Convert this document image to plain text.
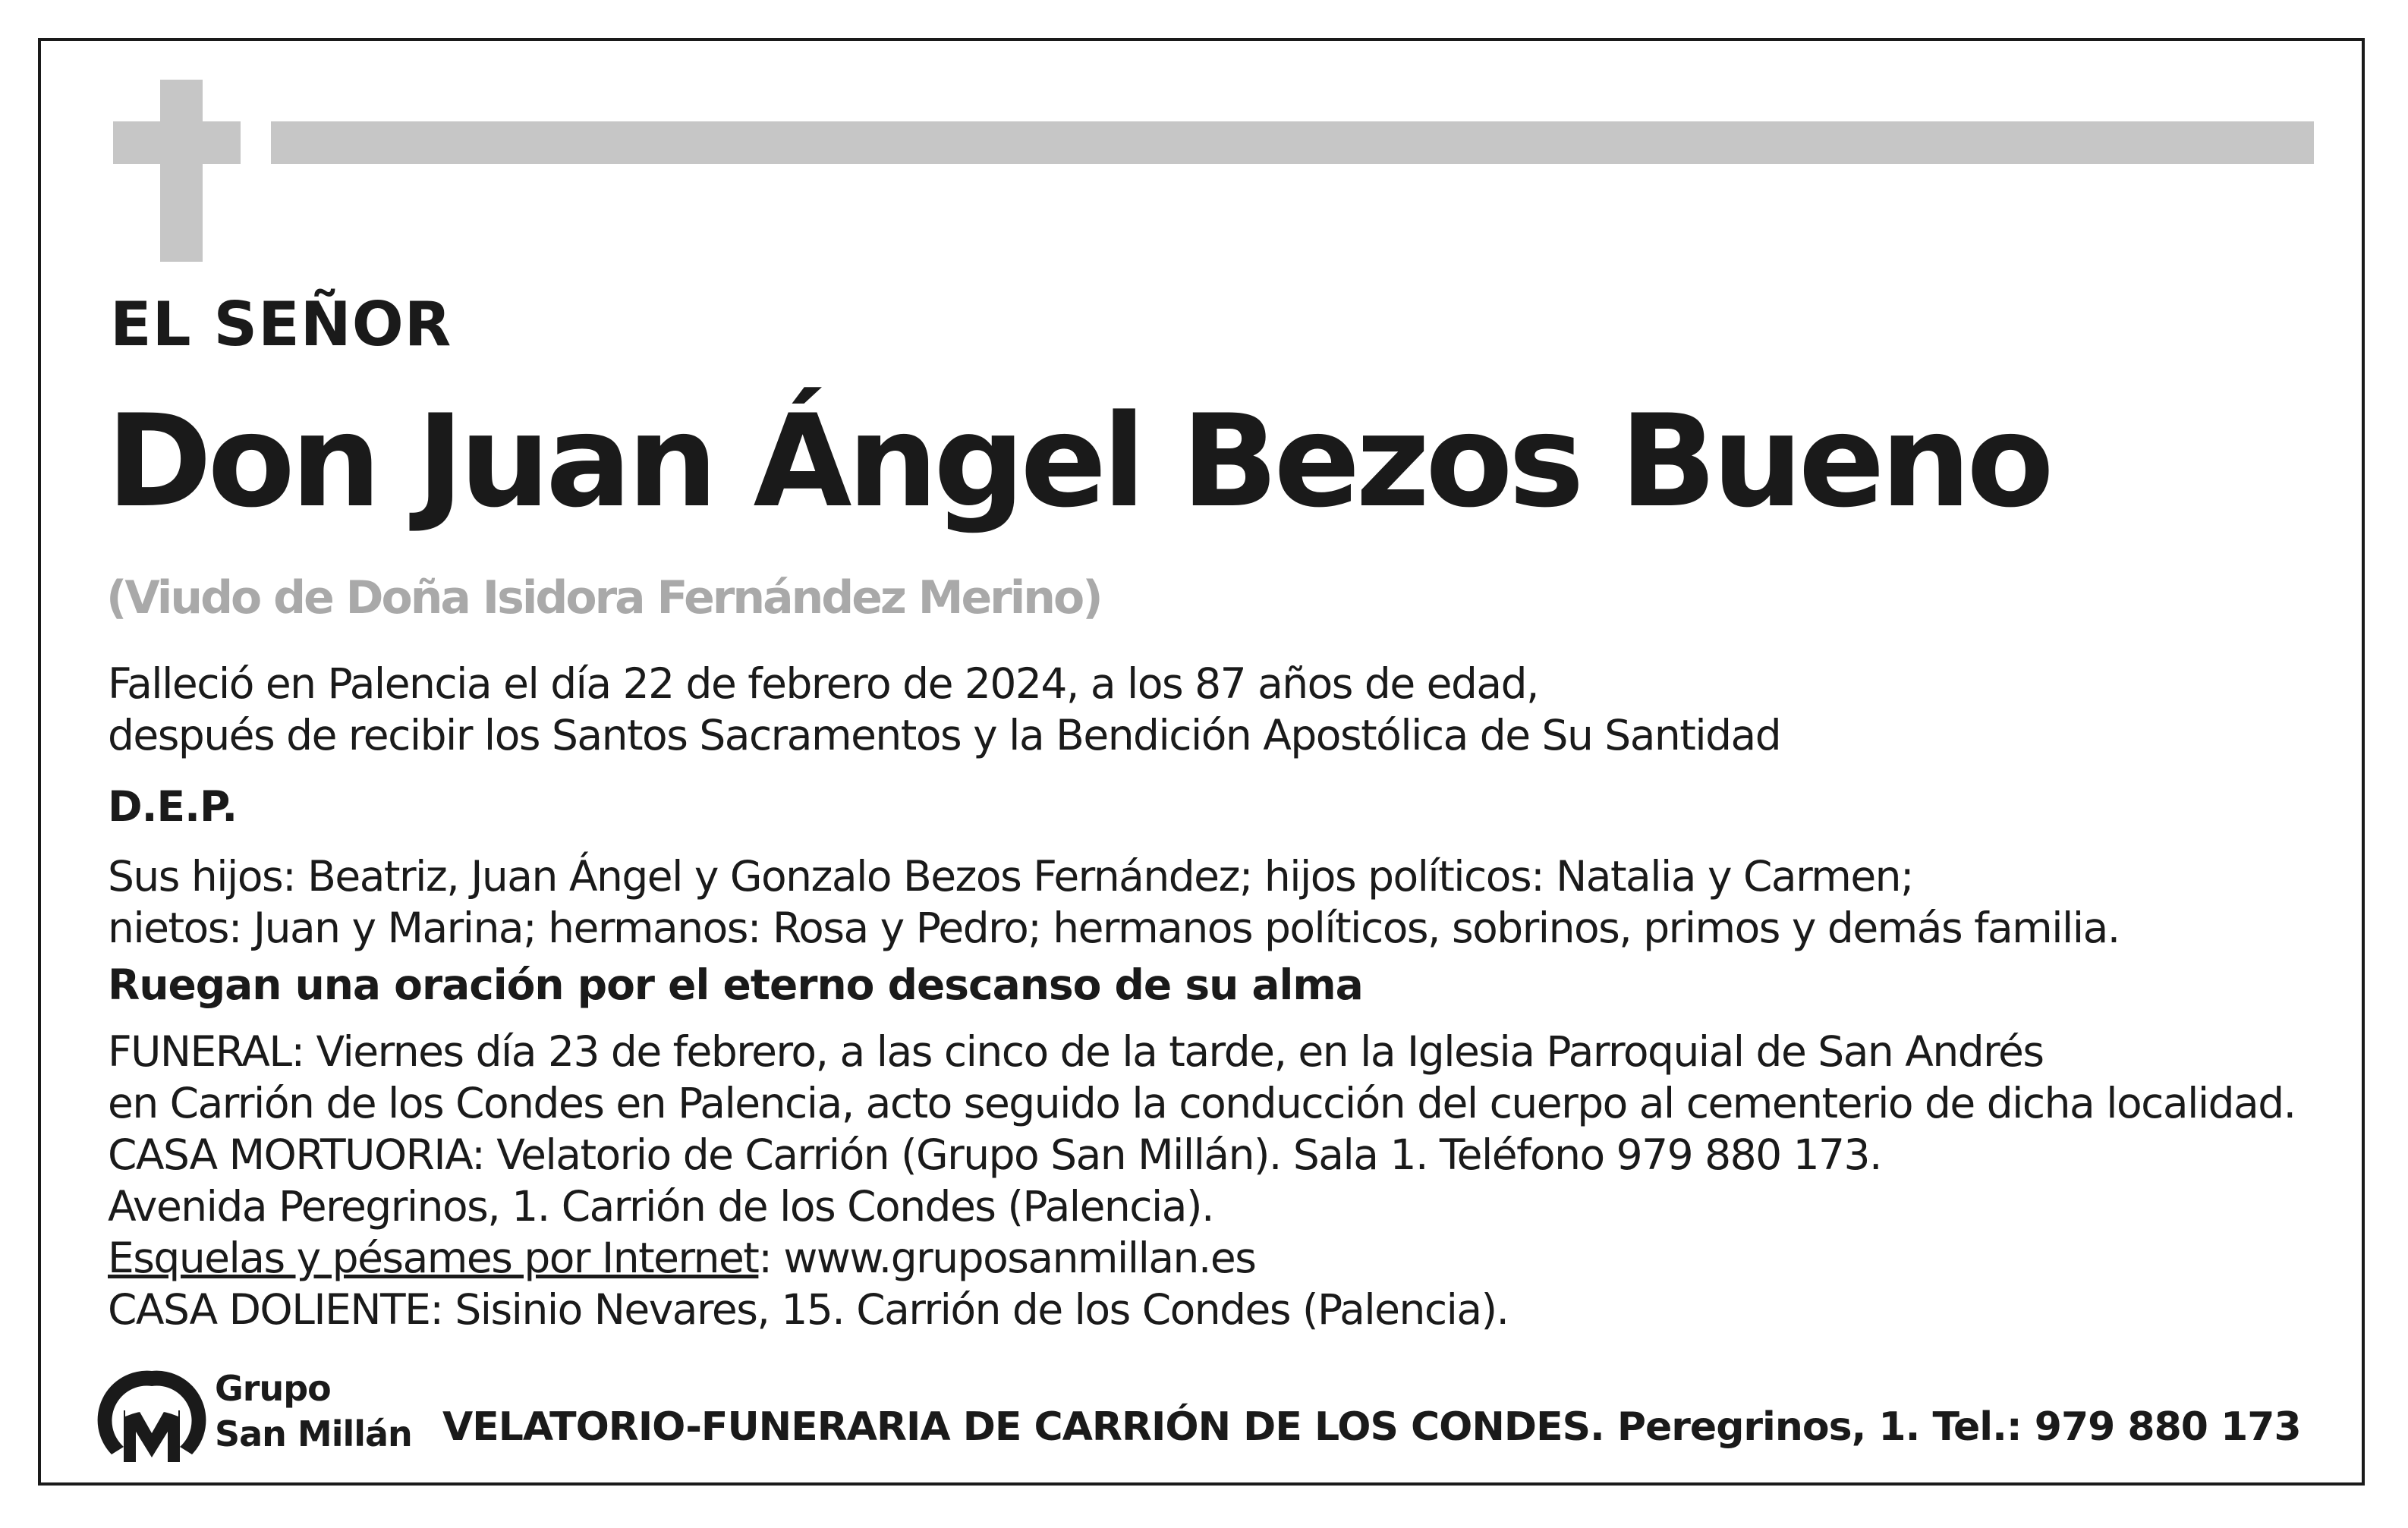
EL SEÑOR

Don Juan Ángel Bezos Bueno

(Viudo de Doña Isidora Fernández Merino)

Falleció en Palencia el día 22 de febrero de 2024, a los 87 años de edad,

después de recibir los Santos Sacramentos y la Bendición Apostólica de Su Santidad

D.E.P.

Sus hijos: Beatriz, Juan Ángel y Gonzalo Bezos Fernández; hijos políticos: Natalia y Carmen;

nietos: Juan y Marina; hermanos: Rosa y Pedro; hermanos políticos, sobrinos, primos y demás familia.

Ruegan una oración por el eterno descanso de su alma

FUNERAL: Viernes día 23 de febrero, a las cinco de la tarde, en la Iglesia Parroquial de San Andrés

en Carrión de los Condes en Palencia, acto seguido la conducción del cuerpo al cementerio de dicha localidad.

CASA MORTUORIA: Velatorio de Carrión (Grupo San Millán). Sala 1. Teléfono 979 880 173.

Avenida Peregrinos, 1. Carrión de los Condes (Palencia).

Esquelas y pésames por Internet: www.gruposanmillan.es

CASA DOLIENTE: Sisinio Nevares, 15. Carrión de los Condes (Palencia).

Grupo
San Millán VELATORIO-FUNERARIA DE CARRIÓN DE LOS CONDES. Peregrinos, 1. Tel.: 979 880 173
